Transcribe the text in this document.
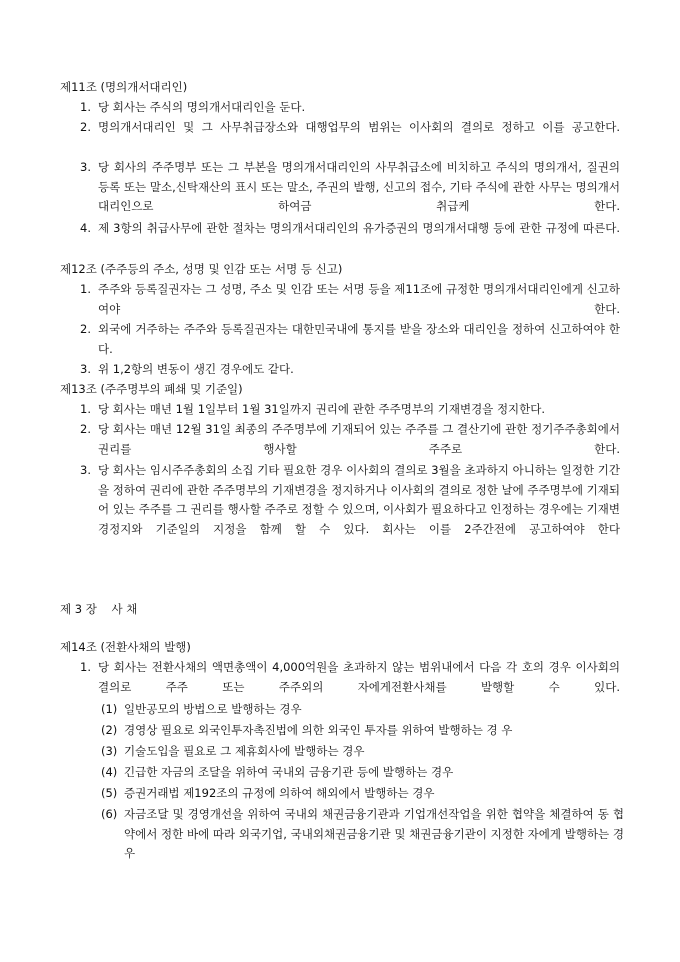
제11조 (명의개서대리인)
1. 당 회사는 주식의 명의개서대리인을 둔다.
2. 명의개서대리인 및 그 사무취급장소와 대행업무의 범위는 이사회의 결의로 정하고 이를 공고한다.
3. 당 회사의 주주명부 또는 그 부본을 명의개서대리인의 사무취급소에 비치하고 주식의 명의개서, 질권의 등록 또는 말소,신탁재산의 표시 또는 말소, 주권의 발행, 신고의 접수, 기타 주식에 관한 사무는 명의개서대리인으로 하여금 취급케 한다.
4. 제 3항의 취급사무에 관한 절차는 명의개서대리인의 유가증권의 명의개서대행 등에 관한 규정에 따른다.
제12조 (주주등의 주소, 성명 및 인감 또는 서명 등 신고)
1. 주주와 등록질권자는 그 성명, 주소 및 인감 또는 서명 등을 제11조에 규정한 명의개서대리인에게 신고하여야 한다.
2. 외국에 거주하는 주주와 등록질권자는 대한민국내에 통지를 받을 장소와 대리인을 정하여 신고하여야 한다.
3. 위 1,2항의 변동이 생긴 경우에도 같다.
제13조 (주주명부의 폐쇄 및 기준일)
1. 당 회사는 매년 1월 1일부터 1월 31일까지 권리에 관한 주주명부의 기재변경을 정지한다.
2. 당 회사는 매년 12월 31일 최종의 주주명부에 기재되어 있는 주주를 그 결산기에 관한 정기주주총회에서 권리를 행사할 주주로 한다.
3. 당 회사는 임시주주총회의 소집 기타 필요한 경우 이사회의 결의로 3월을 초과하지 아니하는 일정한 기간을 정하여 권리에 관한 주주명부의 기재변경을 정지하거나 이사회의 결의로 정한 날에 주주명부에 기재되어 있는 주주를 그 권리를 행사할 주주로 정할 수 있으며, 이사회가 필요하다고 인정하는 경우에는 기재변경정지와 기준일의 지정을 함께 할 수 있다. 회사는 이를 2주간전에 공고하여야 한다
제 3 장    사 채
제14조 (전환사채의 발행)
1. 당 회사는 전환사채의 액면총액이 4,000억원을 초과하지 않는 범위내에서 다음 각 호의 경우 이사회의 결의로 주주 또는 주주외의 자에게전환사채를 발행할 수 있다.
(1) 일반공모의 방법으로 발행하는 경우
(2) 경영상 필요로 외국인투자촉진법에 의한 외국인 투자를 위하여 발행하는 경 우
(3) 기술도입을 필요로 그 제휴회사에 발행하는 경우
(4) 긴급한 자금의 조달을 위하여 국내외 금융기관 등에 발행하는 경우
(5) 증권거래법 제192조의 규정에 의하여 해외에서 발행하는 경우
(6) 자금조달 및 경영개선을 위하여 국내외 채권금융기관과 기업개선작업을 위한 협약을 체결하여 동 협약에서 정한 바에 따라 외국기업, 국내외채권금융기관 및 채권금융기관이 지정한 자에게 발행하는 경우
